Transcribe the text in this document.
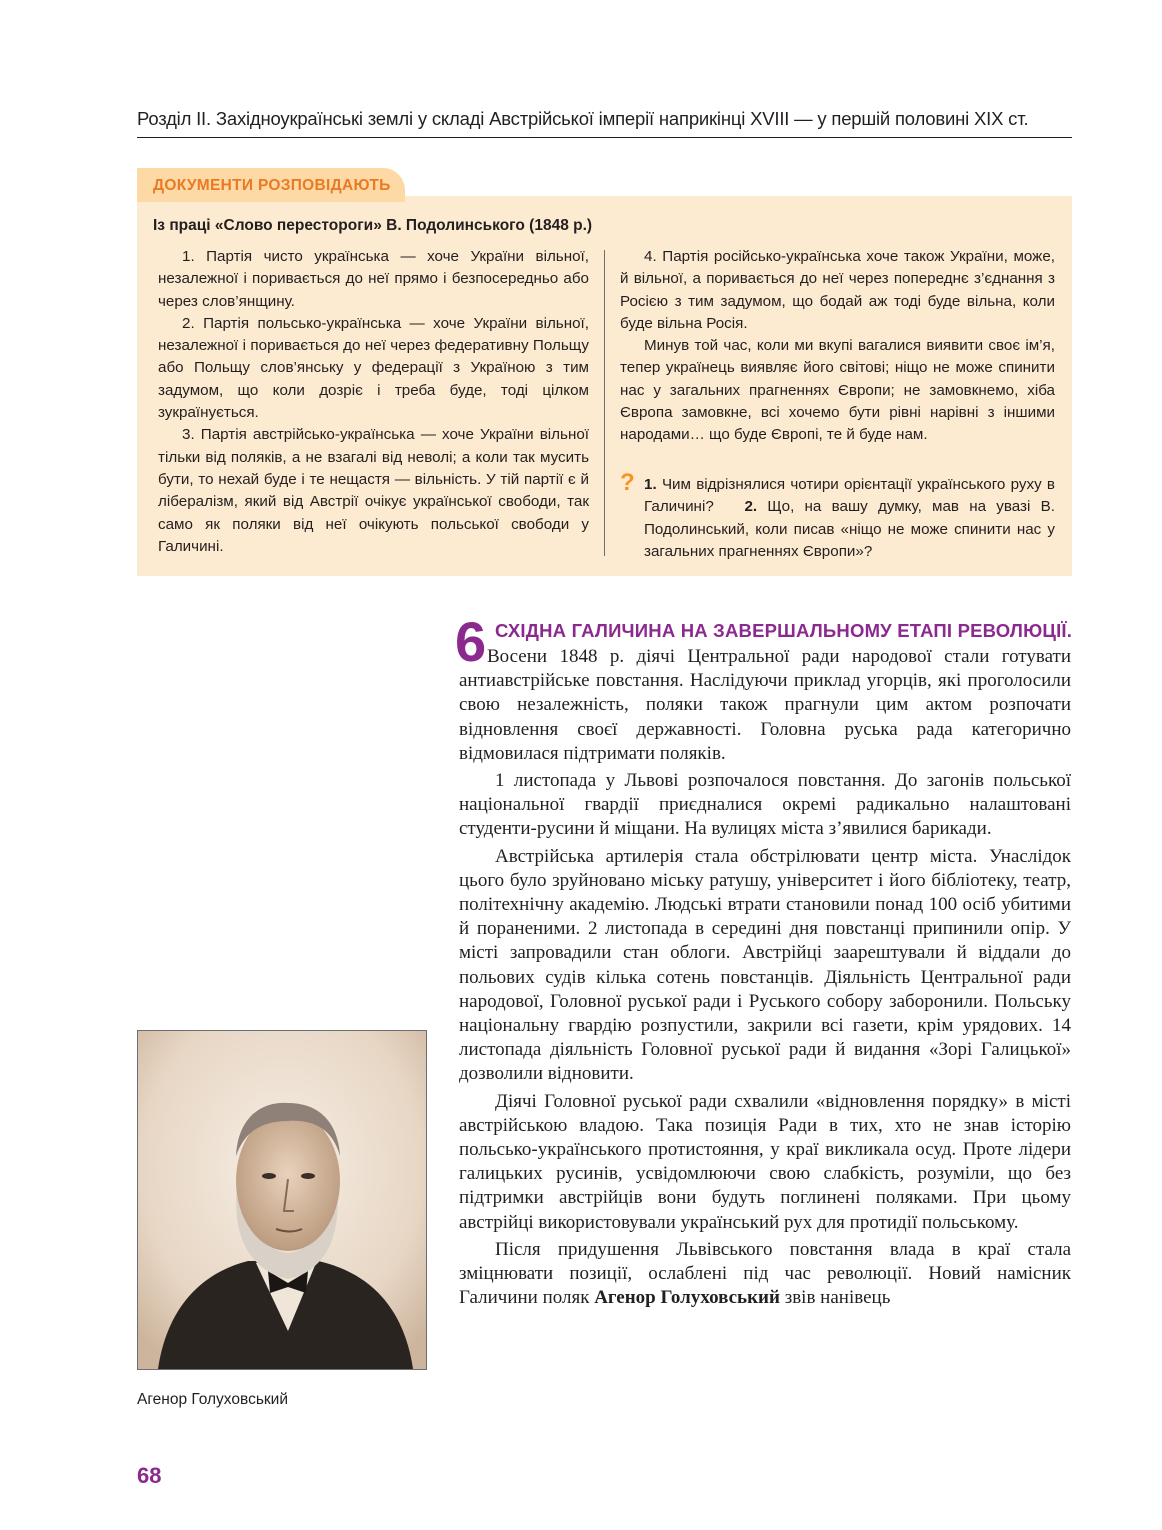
Розділ ІІ. Західноукраїнські землі у складі Австрійської імперії наприкінці XVIII — у першій половині ХІХ ст.
ДОКУМЕНТИ РОЗПОВІДАЮТЬ
Із праці «Слово перестороги» В. Подолинського (1848 р.)

1. Партія чисто українська — хоче України вільної, незалежної і поривається до неї прямо і безпосередньо або через слов’янщину.

2. Партія польсько-українська — хоче України вільної, незалежної і поривається до неї через федеративну Польщу або Польщу слов’янську у федерації з Україною з тим задумом, що коли дозріє і треба буде, тоді цілком зукраїнується.

3. Партія австрійсько-українська — хоче України вільної тільки від поляків, а не взагалі від неволі; а коли так мусить бути, то нехай буде і те нещастя — вільність. У тій партії є й лібералізм, який від Австрії очікує української свободи, так само як поляки від неї очікують польської свободи у Галичині.

4. Партія російсько-українська хоче також України, може, й вільної, а поривається до неї через попереднє з’єднання з Росією з тим задумом, що бодай аж тоді буде вільна, коли буде вільна Росія.

Минув той час, коли ми вкупі вагалися виявити своє ім’я, тепер українець виявляє його світові; ніщо не може спинити нас у загальних прагненнях Європи; не замовкнемо, хіба Європа замовкне, всі хочемо бути рівні нарівні з іншими народами… що буде Європі, те й буде нам.

? 1. Чим відрізнялися чотири орієнтації українського руху в Галичині? 2. Що, на вашу думку, мав на увазі В. Подолинський, коли писав «ніщо не може спинити нас у загальних прагненнях Європи»?

6 СХІДНА ГАЛИЧИНА НА ЗАВЕРШАЛЬНОМУ ЕТАПІ РЕВОЛЮЦІЇ.

Восени 1848 р. діячі Центральної ради народової стали готувати антиавстрійське повстання. Наслідуючи приклад угорців, які проголосили свою незалежність, поляки також прагнули цим актом розпочати відновлення своєї державності. Головна руська рада категорично відмовилася підтримати поляків.

1 листопада у Львові розпочалося повстання. До загонів польської національної гвардії приєдналися окремі радикально налаштовані студенти-русини й міщани. На вулицях міста з’явилися барикади.

Австрійська артилерія стала обстрілювати центр міста. Унаслідок цього було зруйновано міську ратушу, університет і його бібліотеку, театр, політехнічну академію. Людські втрати становили понад 100 осіб убитими й пораненими. 2 листопада в середині дня повстанці припинили опір. У місті запровадили стан облоги. Австрійці заарештували й віддали до польових судів кілька сотень повстанців. Діяльність Центральної ради народової, Головної руської ради і Руського собору заборонили. Польську національну гвардію розпустили, закрили всі газети, крім урядових. 14 листопада діяльність Головної руської ради й видання «Зорі Галицької» дозволили відновити.

Діячі Головної руської ради схвалили «відновлення порядку» в місті австрійською владою. Така позиція Ради в тих, хто не знав історію польсько-українського протистояння, у краї викликала осуд. Проте лідери галицьких русинів, усвідомлюючи свою слабкість, розуміли, що без підтримки австрійців вони будуть поглинені поляками. При цьому австрійці використовували український рух для протидії польському.

Після придушення Львівського повстання влада в краї стала зміцнювати позиції, ослаблені під час революції. Новий намісник Галичини поляк Агенор Голуховський звів нанівець

Агенор Голуховський
68
